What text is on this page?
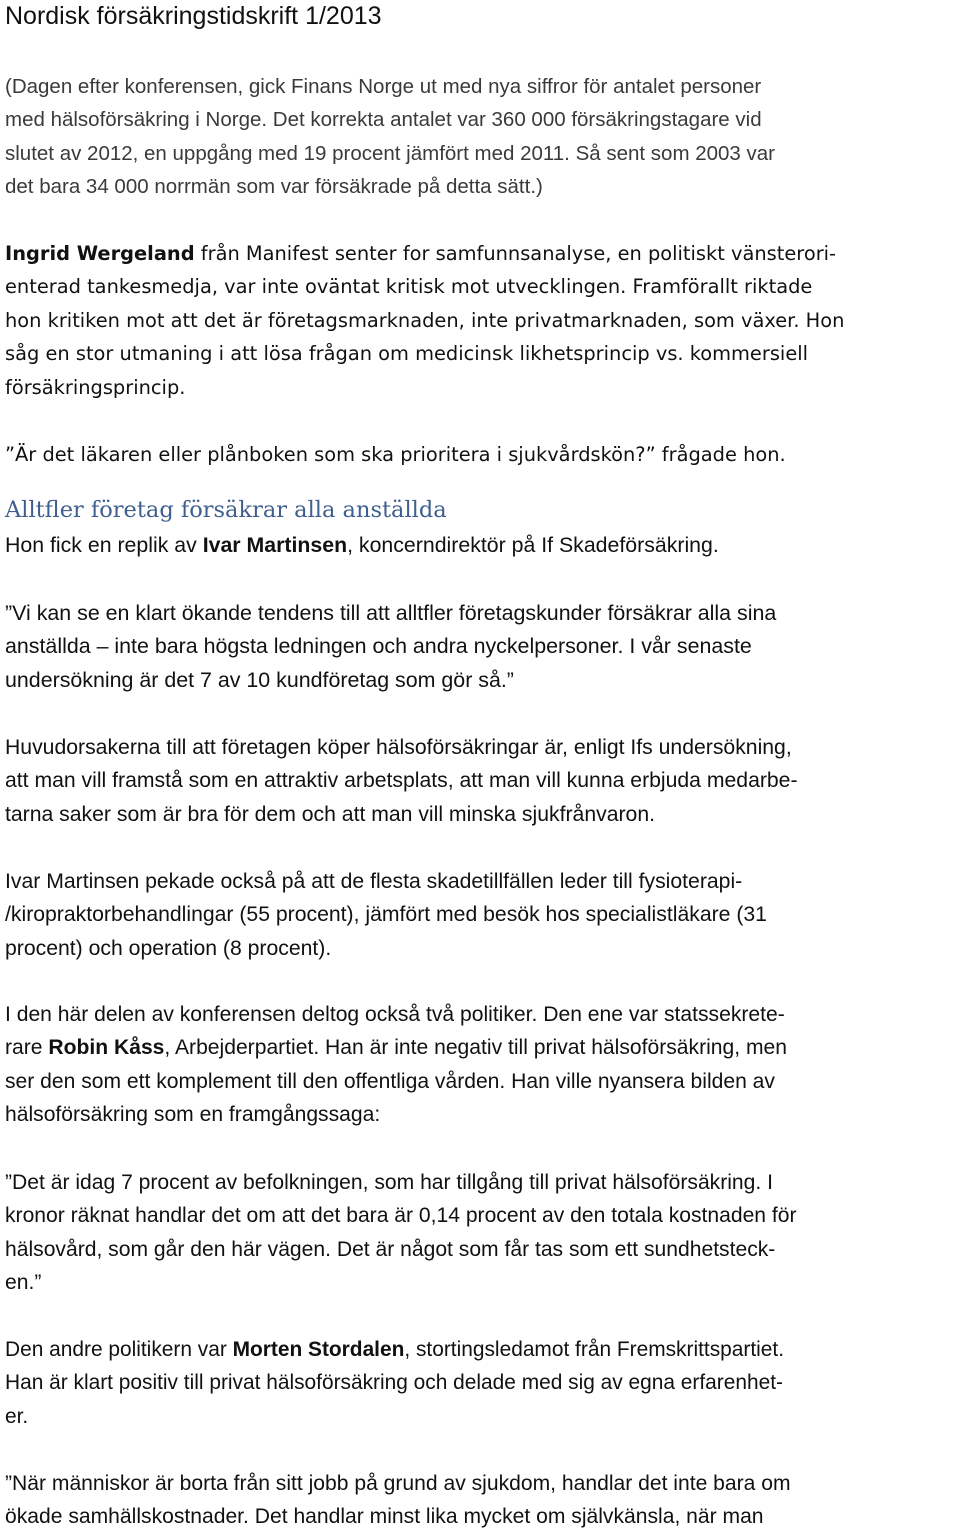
Nordisk försäkringstidskrift 1/2013
(Dagen efter konferensen, gick Finans Norge ut med nya siffror för antalet personer
med hälsoförsäkring i Norge. Det korrekta antalet var 360 000 försäkringstagare vid
slutet av 2012, en uppgång med 19 procent jämfört med 2011. Så sent som 2003 var
det bara 34 000 norrmän som var försäkrade på detta sätt.)
Ingrid Wergeland från Manifest senter for samfunnsanalyse, en politiskt vänsterori-
enterad tankesmedja, var inte oväntat kritisk mot utvecklingen. Framförallt riktade
hon kritiken mot att det är företagsmarknaden, inte privatmarknaden, som växer. Hon
såg en stor utmaning i att lösa frågan om medicinsk likhetsprincip vs. kommersiell
försäkringsprincip.
”Är det läkaren eller plånboken som ska prioritera i sjukvårdskön?” frågade hon.
Alltfler företag försäkrar alla anställda
Hon fick en replik av Ivar Martinsen, koncerndirektör på If Skadeförsäkring.
”Vi kan se en klart ökande tendens till att alltfler företagskunder försäkrar alla sina
anställda – inte bara högsta ledningen och andra nyckelpersoner. I vår senaste
undersökning är det 7 av 10 kundföretag som gör så.”
Huvudorsakerna till att företagen köper hälsoförsäkringar är, enligt Ifs undersökning,
att man vill framstå som en attraktiv arbetsplats, att man vill kunna erbjuda medarbe-
tarna saker som är bra för dem och att man vill minska sjukfrånvaron.
Ivar Martinsen pekade också på att de flesta skadetillfällen leder till fysioterapi-
/kiropraktorbehandlingar (55 procent), jämfört med besök hos specialistläkare (31
procent) och operation (8 procent).
I den här delen av konferensen deltog också två politiker. Den ene var statssekrete-
rare Robin Kåss, Arbejderpartiet. Han är inte negativ till privat hälsoförsäkring, men
ser den som ett komplement till den offentliga vården. Han ville nyansera bilden av
hälsoförsäkring som en framgångssaga:
”Det är idag 7 procent av befolkningen, som har tillgång till privat hälsoförsäkring. I
kronor räknat handlar det om att det bara är 0,14 procent av den totala kostnaden för
hälsovård, som går den här vägen. Det är något som får tas som ett sundhetsteck-
en.”
Den andre politikern var Morten Stordalen, stortingsledamot från Fremskrittspartiet.
Han är klart positiv till privat hälsoförsäkring och delade med sig av egna erfarenhet-
er.
”När människor är borta från sitt jobb på grund av sjukdom, handlar det inte bara om
ökade samhällskostnader. Det handlar minst lika mycket om självkänsla, när man
